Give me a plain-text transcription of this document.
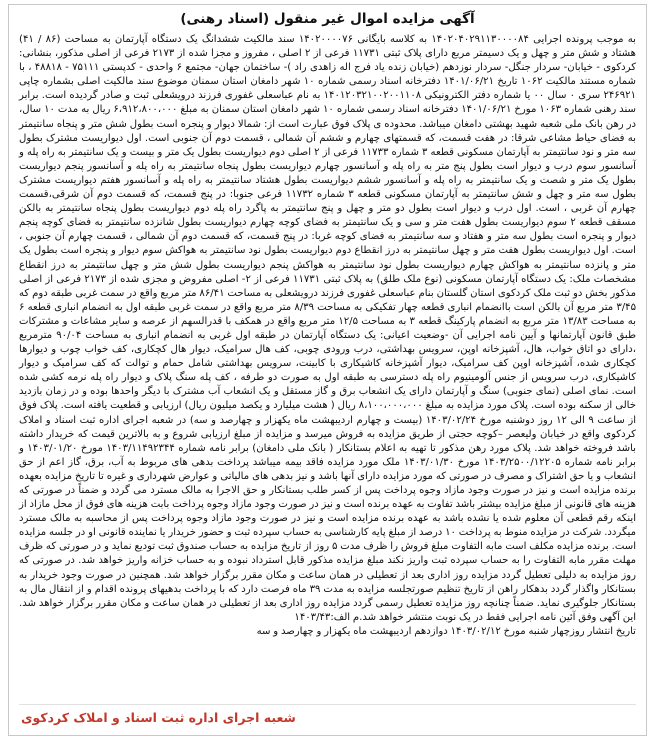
آگهی مزایده اموال غیر منقول (اسناد رهنی)

به موجب پرونده اجرایی ۱۴۰۲۰۴۰۲۹۱۱۳۰۰۰۰۸۴ به کلاسه بایگانی ۱۴۰۲۰۰۰۰۷۶ سند مالکیت ششدانگ یک دستگاه آپارتمان به مساحت (۸۶ / ۴۱) هشتاد و شش متر و چهل و یک دسیمتر مربع دارای پلاک ثبتی ۱۱۷۳۱ فرعی از ۲ اصلی ، مفروز و مجزا شده از ۲۱۷۳ فرعی از اصلی مذکور، بنشانی: کردکوی - خیابان- سردار جنگل- سردار نوزدهم (خیابان زنده یاد فرج اله زاهدی راد )- ساختمان جهان- مجتمع ۶ واحدی - کدپستی ۷۵۱۱۱ - ۴۸۸۱۸ ، با شماره مستند مالکیت ۱۰۶۲ تاریخ ۱۴۰۱/۰۶/۲۱ دفترخانه اسناد رسمی شماره ۱۰ شهر دامغان استان سمنان موضوع سند مالکیت اصلی بشماره چاپی ۲۴۶۹۲۱ سری ۰ سال ۰۰ یا شماره دفتر الکترونیکی ۱۴۰۱۲۰۳۲۱۰۰۲۰۰۱۱۰۸ به نام عباسعلی غفوری فرزند درویشعلی ثبت و صادر گردیده است. برابر سند رهنی شماره ۱۰۶۳ مورخ ۱۴۰۱/۰۶/۲۱ دفترخانه اسناد رسمی شماره ۱۰ شهر دامغان استان سمنان به مبلغ ۶،۹۱۲،۸۰۰،۰۰۰ ریال به مدت ۱۰ سال، در رهن بانک ملی شعبه شهید بهشتی دامغان میباشد. محدوده ی پلاک فوق عبارت است از: شمالا دیوار و پنجره است بطول شش متر و پنجاه سانتیمتر به فضای حیاط مشاعی شرقا: در هفت قسمت، که قسمتهای چهارم و ششم آن شمالی ، قسمت دوم آن جنوبی است. اول دیواریست مشترک بطول سه متر و نود سانتیمتر به آپارتمان مسکونی قطعه ۳ شماره ۱۱۷۳۳ فرعی از ۲ اصلی دوم دیواریست بطول یک متر و بیست و یک سانتیمتر به راه پله و آسانسور سوم درب و دیوار است بطول پنج متر به راه پله و آسانسور چهارم دیواریست بطول پنجاه سانتیمتر به راه پله و آسانسور پنجم دیواریست بطول یک متر و شصت و یک سانتیمتر به راه پله و آسانسور ششم دیواریست بطول هشتاد سانتیمتر به راه پله و آسانسور هفتم دیواریست مشترک بطول سه متر و چهل و شش سانتیمتر به آپارتمان مسکونی قطعه ۳ شماره ۱۱۷۳۲ فرعی جنوبا: در پنج قسمت، که قسمت دوم آن شرقی،قسمت چهارم آن غربی ، است. اول درب و دیوار است بطول دو متر و چهل و پنج سانتیمتر به پاگرد راه پله دوم دیواریست بطول پنجاه سانتیمتر به بالکن مسقف قطعه ۲ سوم دیواریست بطول هفت متر و سی و یک سانتیمتر به فضای کوچه چهارم دیواریست بطول شانزده سانتیمتر به فضای کوچه پنجم دیوار و پنجره است بطول سه متر و هفتاد و سه سانتیمتر به فضای کوچه غربا: در پنج قسمت، که قسمت دوم آن شمالی ، قسمت چهارم آن جنوبی ، است. اول دیواریست بطول هفت متر و چهل سانتیمتر به درز انقطاع دوم دیواریست بطول نود سانتیمتر به هواکش سوم دیوار و پنجره است بطول یک متر و پانزده سانتیمتر به هواکش چهارم دیواریست بطول نود سانتیمتر به هواکش پنجم دیواریست بطول شش متر و چهل سانتیمتر به درز انقطاع مشخصات ملک: یک دستگاه آپارتمان مسکونی (نوع ملک طلق) به پلاک ثبتی ۱۱۷۳۱ فرعی از ۲- اصلی مفروض و مجزی شده از ۲۱۷۳ فرعی از اصلی مذکور بخش دو ثبت ملک کردکوی استان گلستان بنام عباسعلی غفوری فرزند درویشعلی به مساحت ۸۶/۴۱ متر مربع واقع در سمت غربی طبقه دوم که ۳/۴۵ متر مربع آن بالکن است باانضمام انباری قطعه چهار تفکیکی به مساحت ۸/۳۹ متر مربع واقع در سمت غربی طبقه اول به انضمام انباری قطعه ۶ به مساحت ۱۳/۸۳ متر مربع به انضمام پارکینگ قطعه ۳ به مساحت ۱۲/۵ متر مربع واقع در همکف با قدرالسهم از عرصه و سایر مشاعات و مشترکات طبق قانون آپارتمانها و آیین نامه اجرایی آن -وضعیت اعیانی: یک دستگاه آپارتمان در طبقه اول غربی به انضمام انباری به مساحت ۹۰/۰۴ مترمربع ،دارای دو اتاق خواب، هال، آشپزخانه اوپن، سرویس بهداشتی، درب ورودی چوبی، کف هال سرامیک، دیوار هال کچکاری، کف خواب چوب و دیوارها کچکاری شده، آشپزخانه اوپن کف سرامیک، دیوار آشپزخانه کاشیکاری با کابینت، سرویس بهداشتی شامل حمام و توالت که کف سرامیک و دیوار کاشیکاری، درب سرویس از جنس آلومینیوم راه پله دسترسی به طبقه اول به صورت دو طرفه ، کف پله سنگ پلاک و دیوار راه پله نرمه کشی شده است. نمای اصلی (نمای جنوبی) سنگ و آپارتمان دارای یک انشعاب برق و گاز مستقل و یک انشعاب آب مشترک با دیگر واحدها بوده و در زمان بازدید خالی از سکنه بوده است. پلاک مورد مزایده به مبلغ ۸،۱۰۰،۰۰۰،۰۰۰ ریال ( هشت میلیارد و یکصد میلیون ریال) ارزیابی و قطعیت یافته است. پلاک فوق از ساعت ۹ الی ۱۲ روز دوشنبه مورخ ۱۴۰۳/۰۲/۲۴ (بیست و چهارم اردیبهشت ماه یکهزار و چهارصد و سه) در شعبه اجرای اداره ثبت اسناد و املاک کردکوی واقع در خیابان ولیعصر –کوچه حجتی از طریق مزایده به فروش میرسد و مزایده از مبلغ ارزیابی شروع و به بالاترین قیمت که خریدار داشته باشد فروخته خواهد شد. پلاک مورد رهن مذکور تا تهیه به اعلام بستانکار ( بانک ملی دامغان) برابر نامه شماره ۱۴۰۳/۱۱۴۹۲۳۴۴ مورخ ۱۴۰۳/۰۱/۲۰ و برابر نامه شماره ۱۴۰۳/۲۵۰۰/۱۲۲۰۵ مورخ ۱۴۰۳/۰۱/۳۰ ملک مورد مزایده فاقد بیمه میباشد پرداخت بدهی های مربوط به آب، برق، گاز اعم از حق انشعاب و یا حق اشتراک و مصرف در صورتی که مورد مزایده دارای آنها باشد و نیز بدهی های مالیاتی و عوارض شهرداری و غیره تا تاریخ مزایده بعهده برنده مزایده است و نیز در صورت وجود مازاد وجوه پرداخت پس از کسر طلب بستانکار و حق الاجرا به مالک مسترد می گردد و ضمناً در صورتی که هزینه های قانونی از مبلغ مزایده بیشتر باشد تفاوت به عهده برنده است و نیز در صورت وجود مازاد وجوه پرداخت بابت هزینه های فوق از محل مازاد از اینکه رقم قطعی آن معلوم شده یا نشده باشد به عهده برنده مزایده است و نیز در صورت وجود مازاد وجوه پرداخت پس از محاسبه به مالک مسترد میگردد. شرکت در مزایده منوط به پرداخت ۱۰ درصد از مبلغ پایه کارشناسی به حساب سپرده ثبت و حضور خریدار یا نماینده قانونی او در جلسه مزایده است. برنده مزایده مکلف است مابه التفاوت مبلغ فروش را ظرف مدت ۵ روز از تاریخ مزایده به حساب صندوق ثبت تودیع نماید و در صورتی که ظرف مهلت مقرر مابه التفاوت را به حساب سپرده ثبت واریز نکند مبلغ مزایده مذکور قابل استرداد نبوده و به حساب خزانه واریز خواهد شد. در صورتی که روز مزایده به دلیلی تعطیل گردد مزایده روز اداری بعد از تعطیلی در همان ساعت و مکان مقرر برگزار خواهد شد. همچنین در صورت وجود خریدار به بستانکار واگذار گردد بدهکار راهن از تاریخ تنظیم صورتجلسه مزایده به مدت ۳۹ ماه فرصت دارد که با پرداخت بدهیهای پرونده اقدام و از انتقال مال به بستانکار جلوگیری نماید. ضمناً چنانچه روز مزایده تعطیل رسمی گردد مزایده روز اداری بعد از تعطیلی در همان ساعت و مکان مقرر برگزار خواهد شد. این آگهی وفق آئین نامه اجرایی فقط در یک نوبت منتشر خواهد شد.م الف:۱۴۰۳/۴۳

تاریخ انتشار روزچهار شنبه مورخ ۱۴۰۳/۰۲/۱۲ دوازدهم اردیبهشت ماه یکهزار و چهارصد و سه

شعبه اجرای اداره ثبت اسناد و املاک کردکوی
